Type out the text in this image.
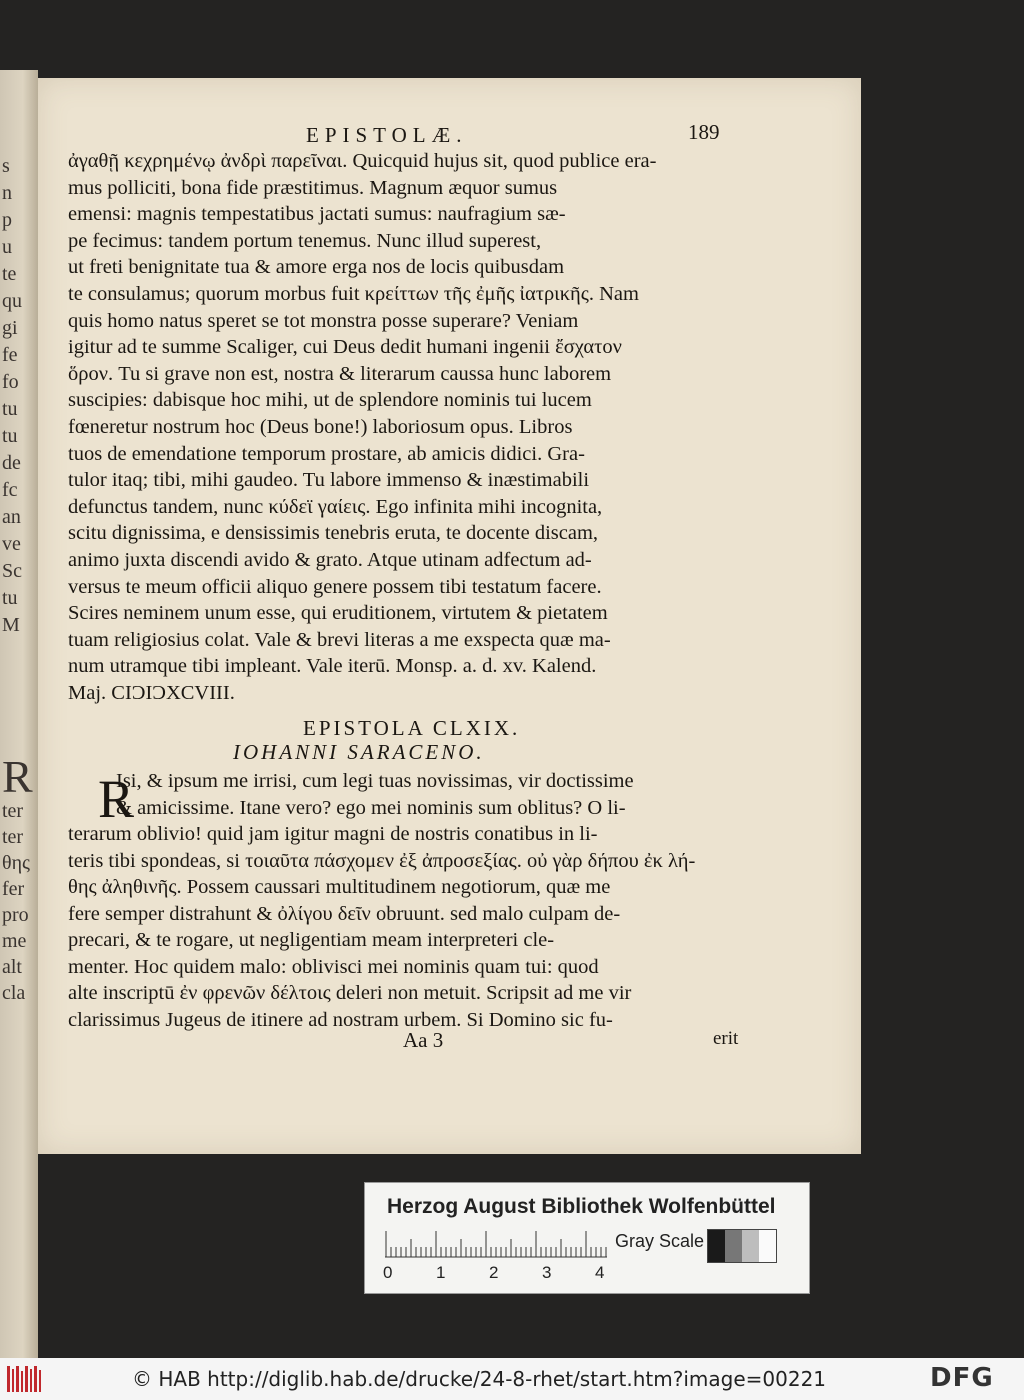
s
n
p
u
te
qu
gi
fe
fo
tu
tu
de
fc
an
ve
Sc
tu
M
R
ter
ter
θης
fer
pro
me
alt
cla
EPISTOLÆ.	189
ἀγαθῇ κεχρημένῳ ἀνδρὶ παρεῖναι. Quicquid hujus sit, quod publice era-
mus polliciti, bona fide præstitimus. Magnum æquor sumus
emensi: magnis tempestatibus jactati sumus: naufragium sæ-
pe fecimus: tandem portum tenemus. Nunc illud superest,
ut freti benignitate tua & amore erga nos de locis quibusdam
te consulamus; quorum morbus fuit κρείττων τῆς ἐμῆς ἰατρικῆς. Nam
quis homo natus speret se tot monstra posse superare? Veniam
igitur ad te summe Scaliger, cui Deus dedit humani ingenii ἔσχατον
ὅρον. Tu si grave non est, nostra & literarum caussa hunc laborem
suscipies: dabisque hoc mihi, ut de splendore nominis tui lucem
fœneretur nostrum hoc (Deus bone!) laboriosum opus. Libros
tuos de emendatione temporum prostare, ab amicis didici. Gra-
tulor itaq; tibi, mihi gaudeo. Tu labore immenso & inæstimabili
defunctus tandem, nunc κύδεϊ γαίεις. Ego infinita mihi incognita,
scitu dignissima, e densissimis tenebris eruta, te docente discam,
animo juxta discendi avido & grato. Atque utinam adfectum ad-
versus te meum officii aliquo genere possem tibi testatum facere.
Scires neminem unum esse, qui eruditionem, virtutem & pietatem
tuam religiosius colat. Vale & brevi literas a me exspecta quæ ma-
num utramque tibi impleant. Vale iterū. Monsp. a. d. xv. Kalend.
Maj. CIƆIƆXCVIII.
EPISTOLA CLXIX.
IOHANNI SARACENO.
R
Isi, & ipsum me irrisi, cum legi tuas novissimas, vir doctissime
& amicissime. Itane vero? ego mei nominis sum oblitus? O li-
terarum oblivio! quid jam igitur magni de nostris conatibus in li-
teris tibi spondeas, si τοιαῦτα πάσχομεν ἐξ ἀπροσεξίας. οὐ γὰρ δήπου ἐκ λή-
θης ἀληθινῆς. Possem caussari multitudinem negotiorum, quæ me
fere semper distrahunt & ὀλίγου δεῖν obruunt. sed malo culpam de-
precari, & te rogare, ut negligentiam meam interpreteri cle-
menter. Hoc quidem malo: oblivisci mei nominis quam tui: quod
alte inscriptū ἐν φρενῶν δέλτοις deleri non metuit. Scripsit ad me vir
clarissimus Jugeus de itinere ad nostram urbem. Si Domino sic fu-
Aa 3	erit
Herzog August Bibliothek Wolfenbüttel
0	1	2	3	4
Gray Scale
© HAB http://diglib.hab.de/drucke/24-8-rhet/start.htm?image=00221	DFG
